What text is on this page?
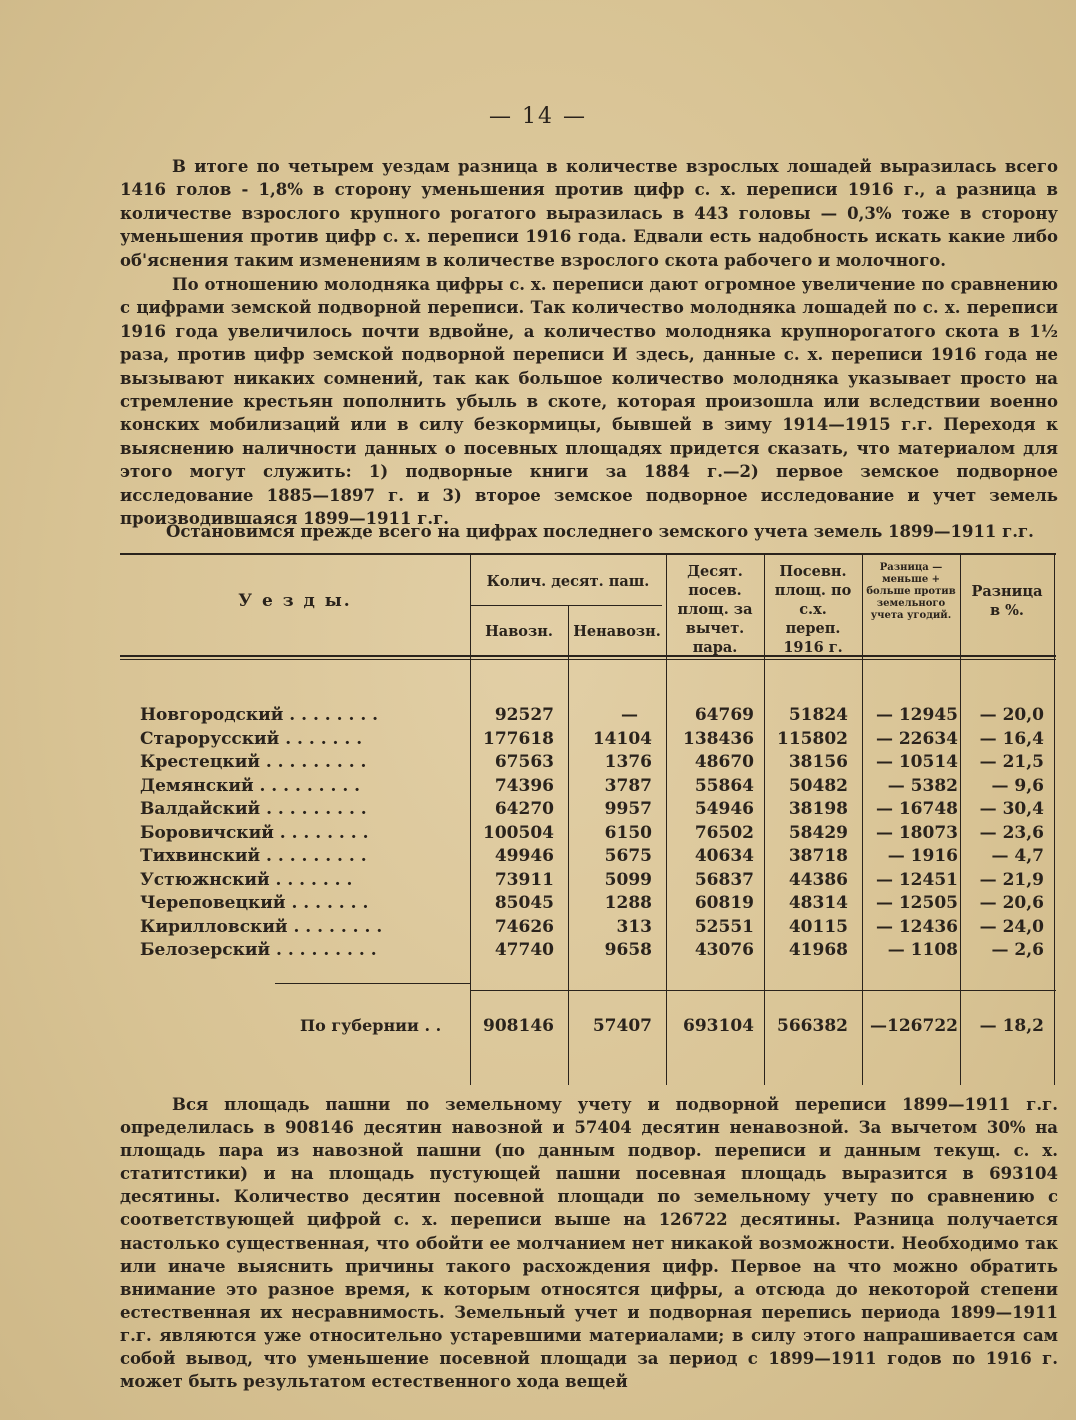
— 14 —

В итоге по четырем уездам разница в количестве взрослых лошадей выразилась всего 1416 голов - 1,8% в сторону уменьшения против цифр с. х. переписи 1916 г., а разница в количестве взрослого крупного рогатого выразилась в 443 головы — 0,3% тоже в сторону уменьшения против цифр с. х. переписи 1916 года. Едвали есть надобность искать какие либо об'яснения таким изменениям в количестве взрослого скота рабочего и молочного.

По отношению молодняка цифры с. х. переписи дают огромное увеличение по сравнению с цифрами земской подворной переписи. Так количество молодняка лошадей по с. х. переписи 1916 года увеличилось почти вдвойне, а количество молодняка крупнорогатого скота в 1½ раза, против цифр земской подворной переписи И здесь, данные с. х. переписи 1916 года не вызывают никаких сомнений, так как большое количество молодняка указывает просто на стремление крестьян пополнить убыль в скоте, которая произошла или вследствии военно конских мобилизаций или в силу безкормицы, бывшей в зиму 1914—1915 г.г. Переходя к выяснению наличности данных о посевных площадях придется сказать, что материалом для этого могут служить: 1) подворные книги за 1884 г.—2) первое земское подворное исследование 1885—1897 г. и 3) второе земское подворное исследование и учет земель производившаяся 1899—1911 г.г.

Остановимся прежде всего на цифрах последнего земского учета земель 1899—1911 г.г.
У е з д ы.
Колич. десят. паш.
Навозн.	Ненавозн.
Десят. посев. площ. за вычет. пара.
Посевн. площ. по с.х. переп. 1916 г.
Разница — меньше + больше против земельного учета угодий.
Разница в %.
Новгородский . . . . . . . .	92527	—	64769	51824	— 12945	— 20,0
Старорусский . . . . . . .	177618	14104	138436	115802	— 22634	— 16,4
Крестецкий . . . . . . . . .	67563	1376	48670	38156	— 10514	— 21,5
Демянский . . . . . . . . .	74396	3787	55864	50482	— 5382	— 9,6
Валдайский . . . . . . . . .	64270	9957	54946	38198	— 16748	— 30,4
Боровичский . . . . . . . .	100504	6150	76502	58429	— 18073	— 23,6
Тихвинский . . . . . . . . .	49946	5675	40634	38718	— 1916	— 4,7
Устюжнский . . . . . . .	73911	5099	56837	44386	— 12451	— 21,9
Череповецкий . . . . . . .	85045	1288	60819	48314	— 12505	— 20,6
Кирилловский . . . . . . . .	74626	313	52551	40115	— 12436	— 24,0
Белозерский . . . . . . . . .	47740	9658	43076	41968	— 1108	— 2,6
По губернии . .	908146	57407	693104	566382	—126722	— 18,2

Вся площадь пашни по земельному учету и подворной переписи 1899—1911 г.г. определилась в 908146 десятин навозной и 57404 десятин ненавозной. За вычетом 30% на площадь пара из навозной пашни (по данным подвор. переписи и данным текущ. с. х. статитстики) и на площадь пустующей пашни посевная площадь выразится в 693104 десятины. Количество десятин посевной площади по земельному учету по сравнению с соответствующей цифрой с. х. переписи выше на 126722 десятины. Разница получается настолько существенная, что обойти ее молчанием нет никакой возможности. Необходимо так или иначе выяснить причины такого расхождения цифр. Первое на что можно обратить внимание это разное время, к которым относятся цифры, а отсюда до некоторой степени естественная их несравнимость. Земельный учет и подворная перепись периода 1899—1911 г.г. являются уже относительно устаревшими материалами; в силу этого напрашивается сам собой вывод, что уменьшение посевной площади за период с 1899—1911 годов по 1916 г. может быть результатом естественного хода вещей
